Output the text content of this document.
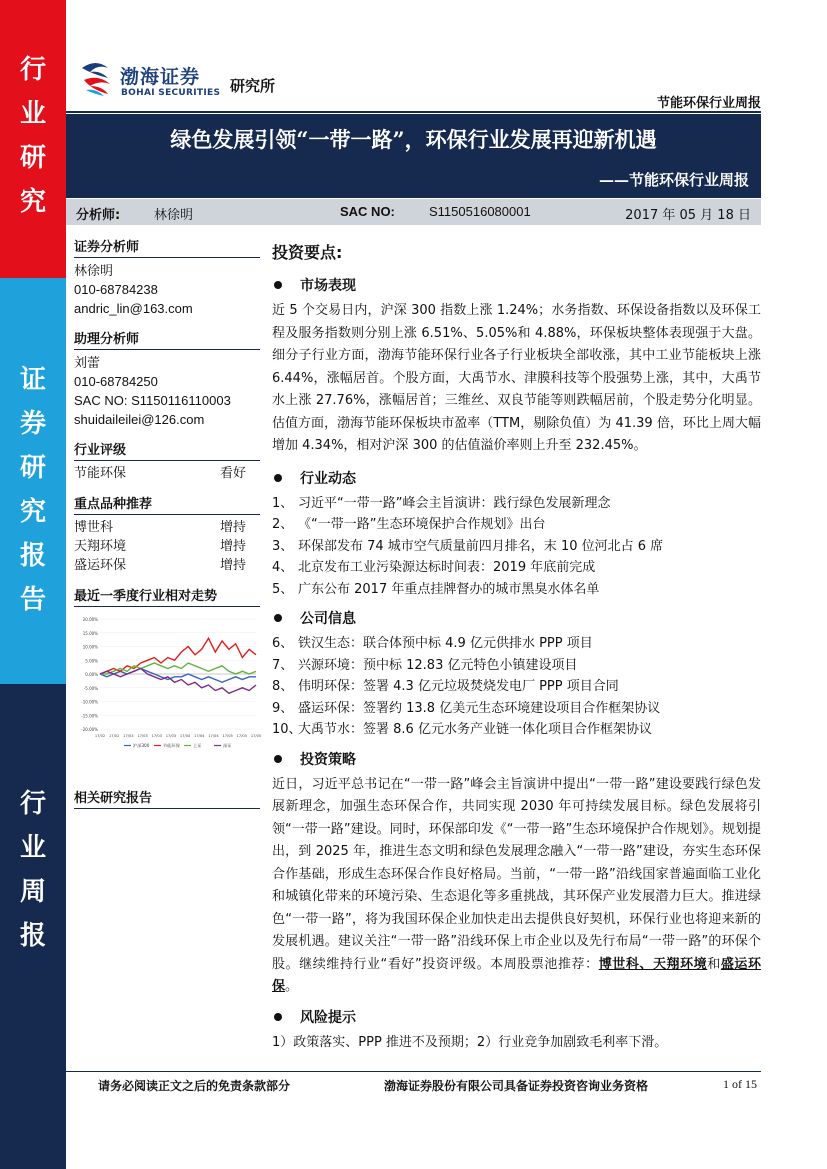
行
业
研
究
证
券
研
究
报
告
行
业
周
报
渤海证券
BOHAI SECURITIES 研究所
节能环保行业周报
绿色发展引领“一带一路”，环保行业发展再迎新机遇
——节能环保行业周报
分析师:	林徐明	SAC NO:	S1150516080001	2017 年 05 月 18 日
证券分析师
林徐明
010-68784238
andric_lin@163.com
助理分析师
刘蕾
010-68784250
SAC NO: S1150116110003
shuidaileilei@126.com
行业评级
节能环保	看好
重点品种推荐
博世科	增持
天翔环境	增持
盛运环保	增持
最近一季度行业相对走势
20.00%
15.00%
10.00%
5.00%
0.00%
-5.00%
-10.00%
-15.00%
-20.00%
17/02 17/02 17/03 17/03 17/03 17/03 17/04 17/04 17/04 17/05 17/05 17/05
沪深300	节能环保	上证	深证
相关研究报告
投资要点:
市场表现

近 5 个交易日内，沪深 300 指数上涨 1.24%；水务指数、环保设备指数以及环保工程及服务指数则分别上涨 6.51%、5.05%和 4.88%，环保板块整体表现强于大盘。细分子行业方面，渤海节能环保行业各子行业板块全部收涨，其中工业节能板块上涨 6.44%，涨幅居首。个股方面，大禹节水、津膜科技等个股强势上涨，其中，大禹节水上涨 27.76%，涨幅居首；三维丝、双良节能等则跌幅居前，个股走势分化明显。估值方面，渤海节能环保板块市盈率（TTM，剔除负值）为 41.39 倍，环比上周大幅增加 4.34%，相对沪深 300 的估值溢价率则上升至 232.45%。

行业动态
1、 习近平“一带一路”峰会主旨演讲：践行绿色发展新理念
2、 《“一带一路”生态环境保护合作规划》出台
3、 环保部发布 74 城市空气质量前四月排名，末 10 位河北占 6 席
4、 北京发布工业污染源达标时间表：2019 年底前完成
5、 广东公布 2017 年重点挂牌督办的城市黑臭水体名单
公司信息
6、 铁汉生态：联合体预中标 4.9 亿元供排水 PPP 项目
7、 兴源环境：预中标 12.83 亿元特色小镇建设项目
8、 伟明环保：签署 4.3 亿元垃圾焚烧发电厂 PPP 项目合同
9、 盛运环保：签署约 13.8 亿美元生态环境建设项目合作框架协议
10、大禹节水：签署 8.6 亿元水务产业链一体化项目合作框架协议
投资策略

近日，习近平总书记在“一带一路”峰会主旨演讲中提出“一带一路”建设要践行绿色发展新理念，加强生态环保合作，共同实现 2030 年可持续发展目标。绿色发展将引领“一带一路”建设。同时，环保部印发《“一带一路”生态环境保护合作规划》。规划提出，到 2025 年，推进生态文明和绿色发展理念融入“一带一路”建设，夯实生态环保合作基础，形成生态环保合作良好格局。当前，“一带一路”沿线国家普遍面临工业化和城镇化带来的环境污染、生态退化等多重挑战，其环保产业发展潜力巨大。推进绿色“一带一路”，将为我国环保企业加快走出去提供良好契机，环保行业也将迎来新的发展机遇。建议关注“一带一路”沿线环保上市企业以及先行布局“一带一路”的环保个股。继续维持行业“看好”投资评级。本周股票池推荐：博世科、天翔环境和盛运环保。

风险提示
1）政策落实、PPP 推进不及预期；2）行业竞争加剧致毛利率下滑。
请务必阅读正文之后的免责条款部分	渤海证券股份有限公司具备证券投资咨询业务资格	1 of 15
